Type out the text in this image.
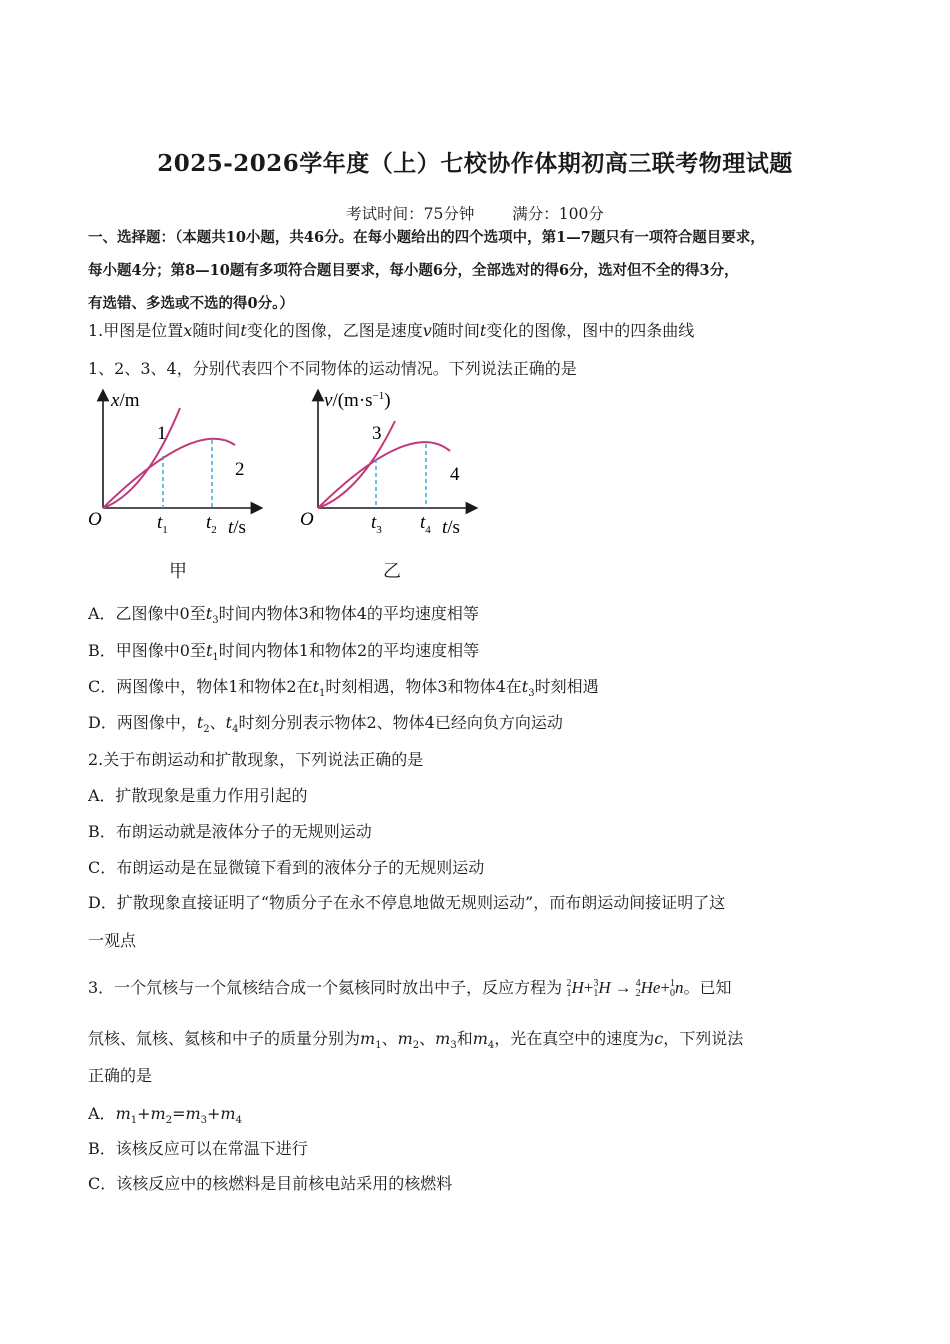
2025-2026学年度（上）七校协作体期初高三联考物理试题
考试时间：75分钟 满分：100分
一、选择题：（本题共10小题，共46分。在每小题给出的四个选项中，第1—7题只有一项符合题目要求，
每小题4分；第8—10题有多项符合题目要求，每小题6分，全部选对的得6分，选对但不全的得3分，
有选错、多选或不选的得0分。）
1.甲图是位置x随时间t变化的图像，乙图是速度v随时间t变化的图像，图中的四条曲线
1、2、3、4，分别代表四个不同物体的运动情况。下列说法正确的是
x/m
O
1
2
$t_1$ $t_2$ t/s
$v/(m\cdot s^{-1})$
O
3
4
$t_3$ $t_4$ t/s
甲	乙
A．乙图像中0至$t_3$时间内物体3和物体4的平均速度相等
B．甲图像中0至$t_1$时间内物体1和物体2的平均速度相等
C．两图像中，物体1和物体2在$t_1$时刻相遇，物体3和物体4在$t_3$时刻相遇
D．两图像中，$t_2$、$t_4$时刻分别表示物体2、物体4已经向负方向运动
2.关于布朗运动和扩散现象，下列说法正确的是
A．扩散现象是重力作用引起的
B．布朗运动就是液体分子的无规则运动
C．布朗运动是在显微镜下看到的液体分子的无规则运动
D．扩散现象直接证明了“物质分子在永不停息地做无规则运动”，而布朗运动间接证明了这
一观点
3．一个氘核与一个氚核结合成一个氦核同时放出中子，反应方程为 2
1 H+ 3
1 H → 4
2 He+ 1
0 n。已知
氘核、氚核、氦核和中子的质量分别为$m_1$、$m_2$、$m_3$和$m_4$，光在真空中的速度为c，下列说法
正确的是
A．$m_1+m_2=m_3+m_4$
B．该核反应可以在常温下进行
C．该核反应中的核燃料是目前核电站采用的核燃料
